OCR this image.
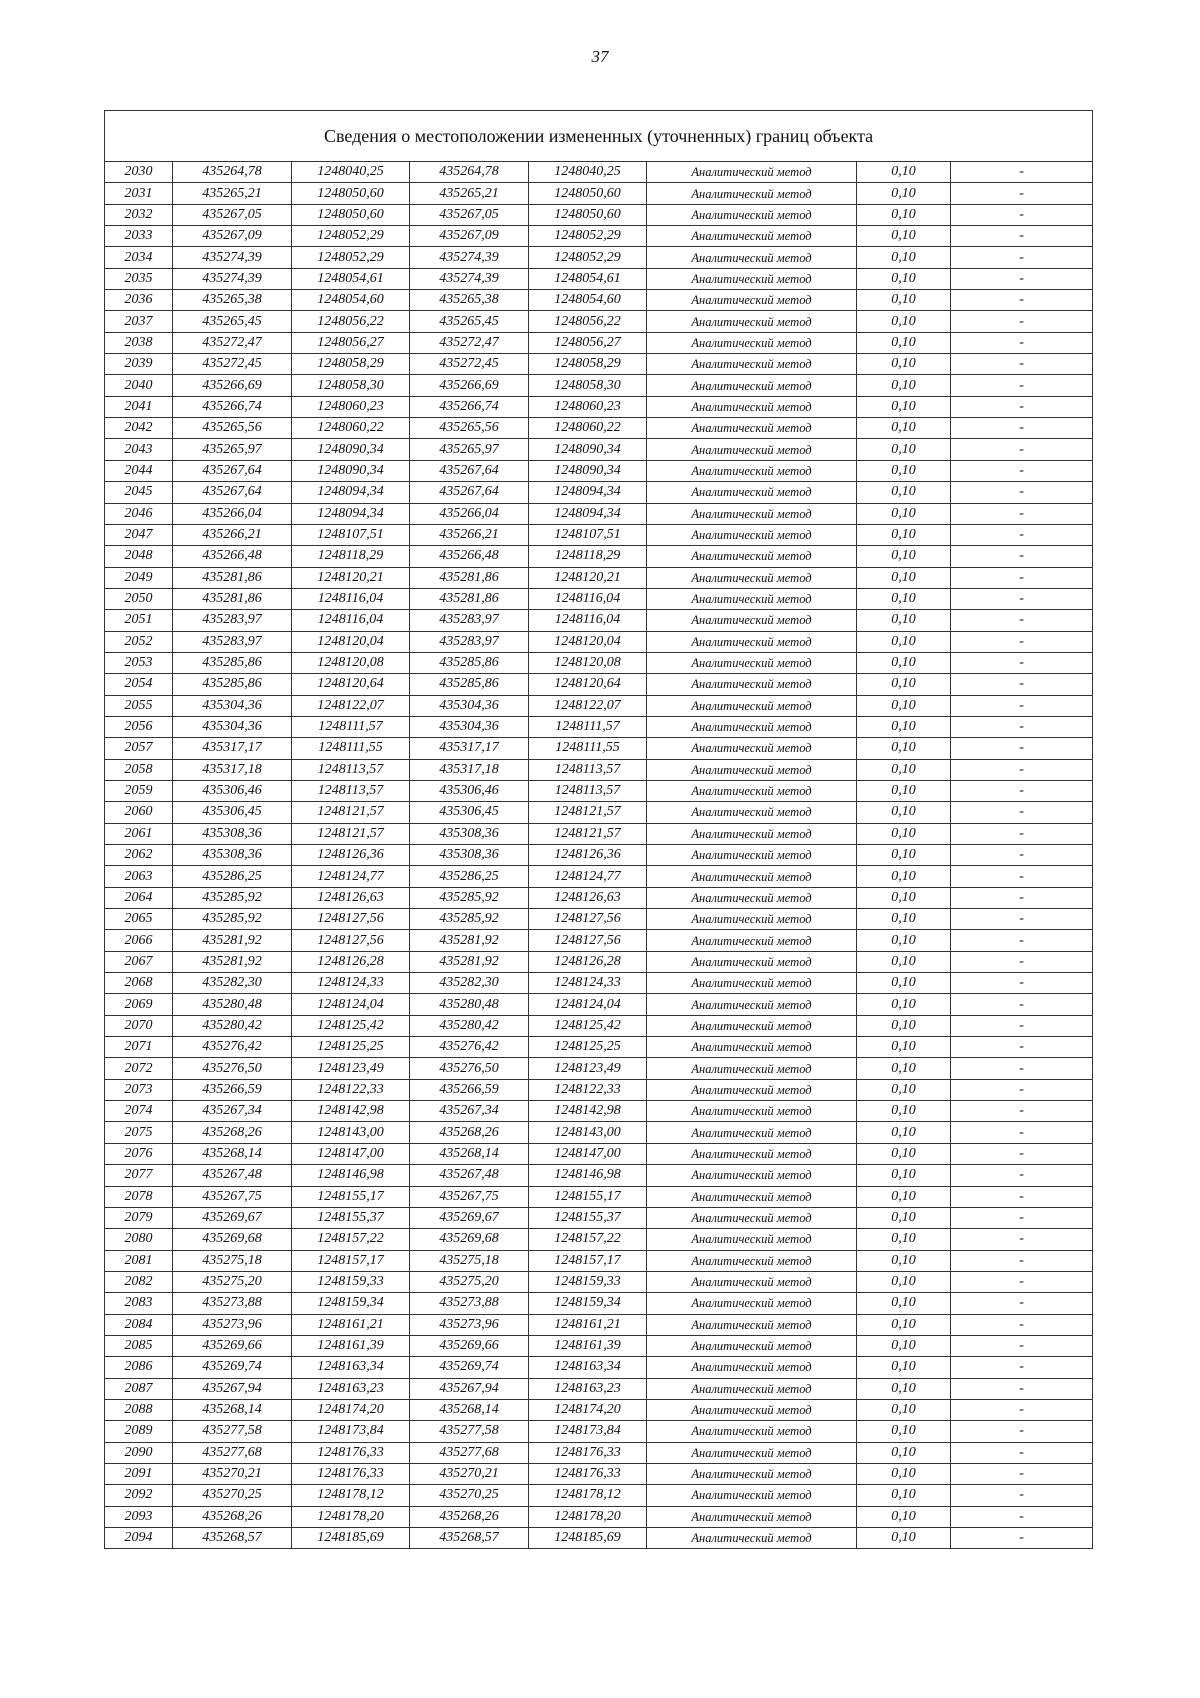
37
Сведения о местоположении измененных (уточненных) границ объекта							
2030	435264,78	1248040,25	435264,78	1248040,25	Аналитический метод	0,10	-
2031	435265,21	1248050,60	435265,21	1248050,60	Аналитический метод	0,10	-
2032	435267,05	1248050,60	435267,05	1248050,60	Аналитический метод	0,10	-
2033	435267,09	1248052,29	435267,09	1248052,29	Аналитический метод	0,10	-
2034	435274,39	1248052,29	435274,39	1248052,29	Аналитический метод	0,10	-
2035	435274,39	1248054,61	435274,39	1248054,61	Аналитический метод	0,10	-
2036	435265,38	1248054,60	435265,38	1248054,60	Аналитический метод	0,10	-
2037	435265,45	1248056,22	435265,45	1248056,22	Аналитический метод	0,10	-
2038	435272,47	1248056,27	435272,47	1248056,27	Аналитический метод	0,10	-
2039	435272,45	1248058,29	435272,45	1248058,29	Аналитический метод	0,10	-
2040	435266,69	1248058,30	435266,69	1248058,30	Аналитический метод	0,10	-
2041	435266,74	1248060,23	435266,74	1248060,23	Аналитический метод	0,10	-
2042	435265,56	1248060,22	435265,56	1248060,22	Аналитический метод	0,10	-
2043	435265,97	1248090,34	435265,97	1248090,34	Аналитический метод	0,10	-
2044	435267,64	1248090,34	435267,64	1248090,34	Аналитический метод	0,10	-
2045	435267,64	1248094,34	435267,64	1248094,34	Аналитический метод	0,10	-
2046	435266,04	1248094,34	435266,04	1248094,34	Аналитический метод	0,10	-
2047	435266,21	1248107,51	435266,21	1248107,51	Аналитический метод	0,10	-
2048	435266,48	1248118,29	435266,48	1248118,29	Аналитический метод	0,10	-
2049	435281,86	1248120,21	435281,86	1248120,21	Аналитический метод	0,10	-
2050	435281,86	1248116,04	435281,86	1248116,04	Аналитический метод	0,10	-
2051	435283,97	1248116,04	435283,97	1248116,04	Аналитический метод	0,10	-
2052	435283,97	1248120,04	435283,97	1248120,04	Аналитический метод	0,10	-
2053	435285,86	1248120,08	435285,86	1248120,08	Аналитический метод	0,10	-
2054	435285,86	1248120,64	435285,86	1248120,64	Аналитический метод	0,10	-
2055	435304,36	1248122,07	435304,36	1248122,07	Аналитический метод	0,10	-
2056	435304,36	1248111,57	435304,36	1248111,57	Аналитический метод	0,10	-
2057	435317,17	1248111,55	435317,17	1248111,55	Аналитический метод	0,10	-
2058	435317,18	1248113,57	435317,18	1248113,57	Аналитический метод	0,10	-
2059	435306,46	1248113,57	435306,46	1248113,57	Аналитический метод	0,10	-
2060	435306,45	1248121,57	435306,45	1248121,57	Аналитический метод	0,10	-
2061	435308,36	1248121,57	435308,36	1248121,57	Аналитический метод	0,10	-
2062	435308,36	1248126,36	435308,36	1248126,36	Аналитический метод	0,10	-
2063	435286,25	1248124,77	435286,25	1248124,77	Аналитический метод	0,10	-
2064	435285,92	1248126,63	435285,92	1248126,63	Аналитический метод	0,10	-
2065	435285,92	1248127,56	435285,92	1248127,56	Аналитический метод	0,10	-
2066	435281,92	1248127,56	435281,92	1248127,56	Аналитический метод	0,10	-
2067	435281,92	1248126,28	435281,92	1248126,28	Аналитический метод	0,10	-
2068	435282,30	1248124,33	435282,30	1248124,33	Аналитический метод	0,10	-
2069	435280,48	1248124,04	435280,48	1248124,04	Аналитический метод	0,10	-
2070	435280,42	1248125,42	435280,42	1248125,42	Аналитический метод	0,10	-
2071	435276,42	1248125,25	435276,42	1248125,25	Аналитический метод	0,10	-
2072	435276,50	1248123,49	435276,50	1248123,49	Аналитический метод	0,10	-
2073	435266,59	1248122,33	435266,59	1248122,33	Аналитический метод	0,10	-
2074	435267,34	1248142,98	435267,34	1248142,98	Аналитический метод	0,10	-
2075	435268,26	1248143,00	435268,26	1248143,00	Аналитический метод	0,10	-
2076	435268,14	1248147,00	435268,14	1248147,00	Аналитический метод	0,10	-
2077	435267,48	1248146,98	435267,48	1248146,98	Аналитический метод	0,10	-
2078	435267,75	1248155,17	435267,75	1248155,17	Аналитический метод	0,10	-
2079	435269,67	1248155,37	435269,67	1248155,37	Аналитический метод	0,10	-
2080	435269,68	1248157,22	435269,68	1248157,22	Аналитический метод	0,10	-
2081	435275,18	1248157,17	435275,18	1248157,17	Аналитический метод	0,10	-
2082	435275,20	1248159,33	435275,20	1248159,33	Аналитический метод	0,10	-
2083	435273,88	1248159,34	435273,88	1248159,34	Аналитический метод	0,10	-
2084	435273,96	1248161,21	435273,96	1248161,21	Аналитический метод	0,10	-
2085	435269,66	1248161,39	435269,66	1248161,39	Аналитический метод	0,10	-
2086	435269,74	1248163,34	435269,74	1248163,34	Аналитический метод	0,10	-
2087	435267,94	1248163,23	435267,94	1248163,23	Аналитический метод	0,10	-
2088	435268,14	1248174,20	435268,14	1248174,20	Аналитический метод	0,10	-
2089	435277,58	1248173,84	435277,58	1248173,84	Аналитический метод	0,10	-
2090	435277,68	1248176,33	435277,68	1248176,33	Аналитический метод	0,10	-
2091	435270,21	1248176,33	435270,21	1248176,33	Аналитический метод	0,10	-
2092	435270,25	1248178,12	435270,25	1248178,12	Аналитический метод	0,10	-
2093	435268,26	1248178,20	435268,26	1248178,20	Аналитический метод	0,10	-
2094	435268,57	1248185,69	435268,57	1248185,69	Аналитический метод	0,10	-
